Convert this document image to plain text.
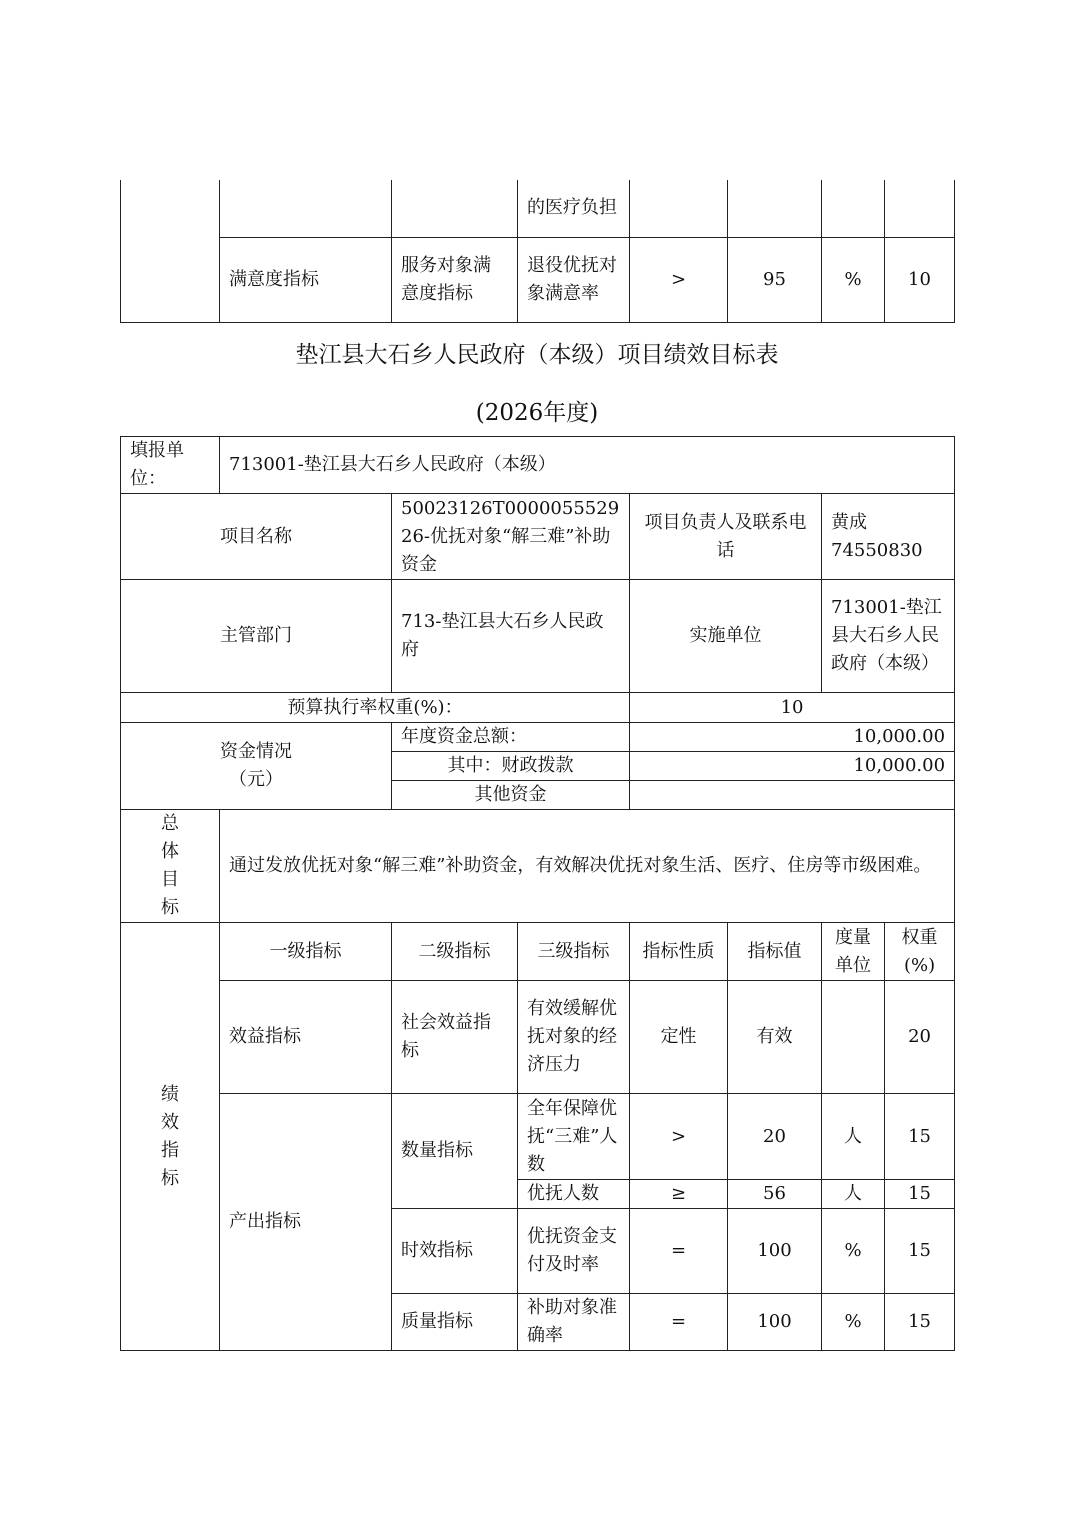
			的医疗负担				
	满意度指标	服务对象满意度指标	退役优抚对象满意率	>	95	%	10
垫江县大石乡人民政府（本级）项目绩效目标表
(2026年度)
填报单位：	713001-垫江县大石乡人民政府（本级）						
项目名称		50023126T000005552926-优抚对象“解三难”补助资金		项目负责人及联系电话		黄成 74550830	
主管部门		713-垫江县大石乡人民政府		实施单位		713001-垫江县大石乡人民政府（本级）	
预算执行率权重(%)：				10			
资金情况（元）		年度资金总额：		10,000.00			
		其中：财政拨款		10,000.00			
		其他资金					
总体目标	通过发放优抚对象“解三难”补助资金，有效解决优抚对象生活、医疗、住房等市级困难。						
绩效指标	一级指标	二级指标	三级指标	指标性质	指标值	度量单位	权重(%)
	效益指标	社会效益指标	有效缓解优抚对象的经济压力	定性	有效		20
	产出指标	数量指标	全年保障优抚“三难”人数	>	20	人	15
			优抚人数	≥	56	人	15
		时效指标	优抚资金支付及时率	=	100	%	15
		质量指标	补助对象准确率	=	100	%	15
